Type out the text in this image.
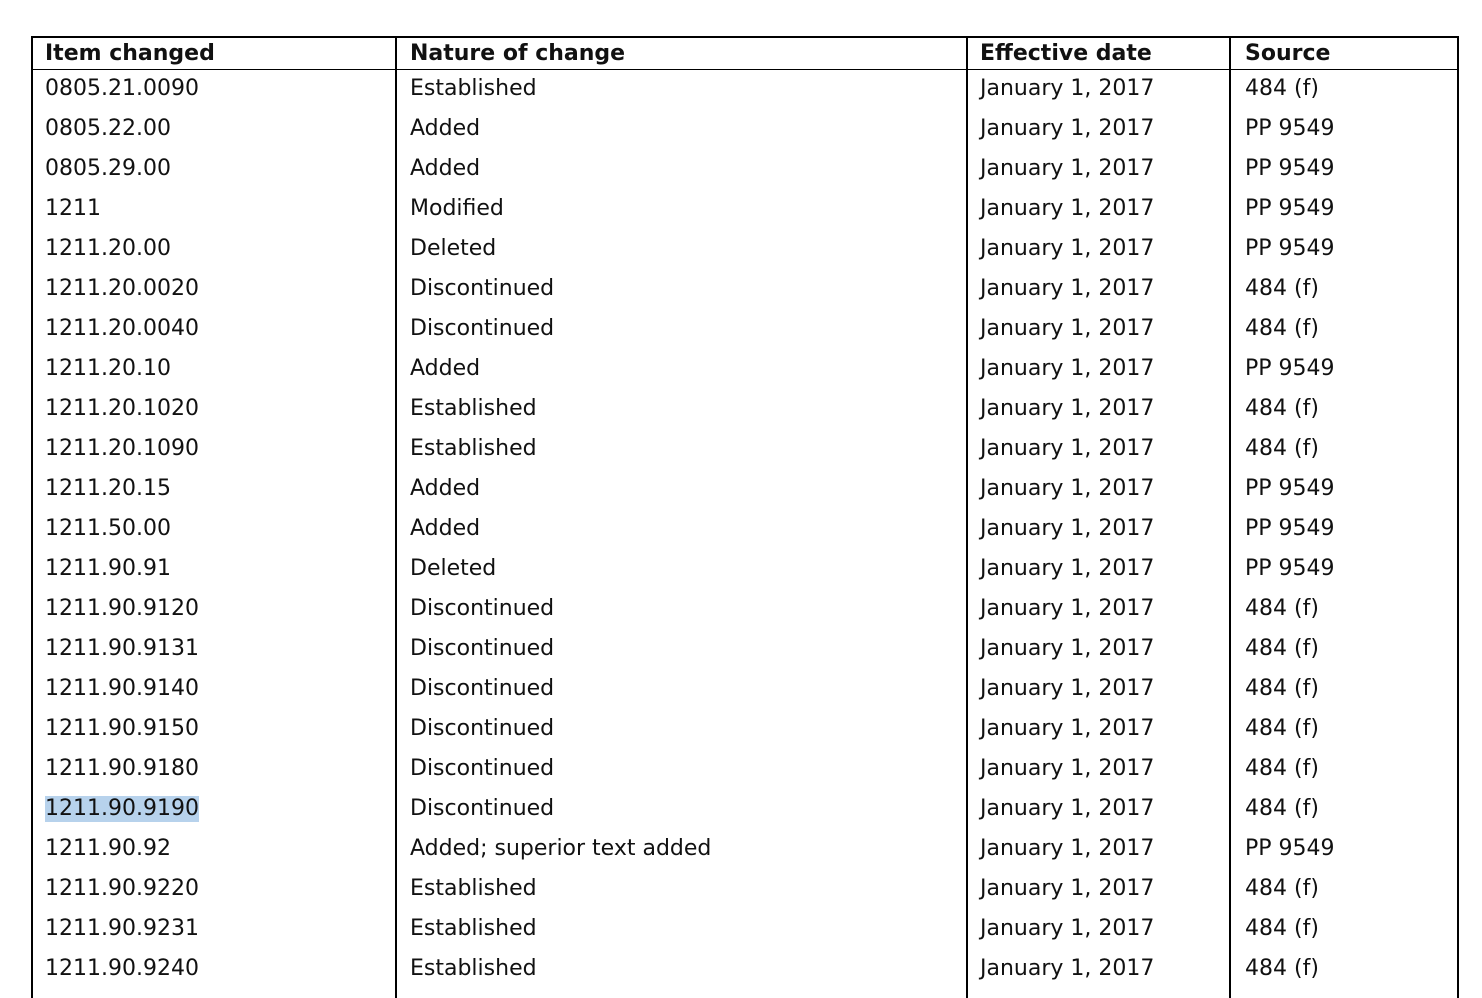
Item changed	Nature of change	Effective date	Source
0805.21.0090	Established	January 1, 2017	484 (f)
0805.22.00	Added	January 1, 2017	PP 9549
0805.29.00	Added	January 1, 2017	PP 9549
1211	Modified	January 1, 2017	PP 9549
1211.20.00	Deleted	January 1, 2017	PP 9549
1211.20.0020	Discontinued	January 1, 2017	484 (f)
1211.20.0040	Discontinued	January 1, 2017	484 (f)
1211.20.10	Added	January 1, 2017	PP 9549
1211.20.1020	Established	January 1, 2017	484 (f)
1211.20.1090	Established	January 1, 2017	484 (f)
1211.20.15	Added	January 1, 2017	PP 9549
1211.50.00	Added	January 1, 2017	PP 9549
1211.90.91	Deleted	January 1, 2017	PP 9549
1211.90.9120	Discontinued	January 1, 2017	484 (f)
1211.90.9131	Discontinued	January 1, 2017	484 (f)
1211.90.9140	Discontinued	January 1, 2017	484 (f)
1211.90.9150	Discontinued	January 1, 2017	484 (f)
1211.90.9180	Discontinued	January 1, 2017	484 (f)
1211.90.9190	Discontinued	January 1, 2017	484 (f)
1211.90.92	Added; superior text added	January 1, 2017	PP 9549
1211.90.9220	Established	January 1, 2017	484 (f)
1211.90.9231	Established	January 1, 2017	484 (f)
1211.90.9240	Established	January 1, 2017	484 (f)
